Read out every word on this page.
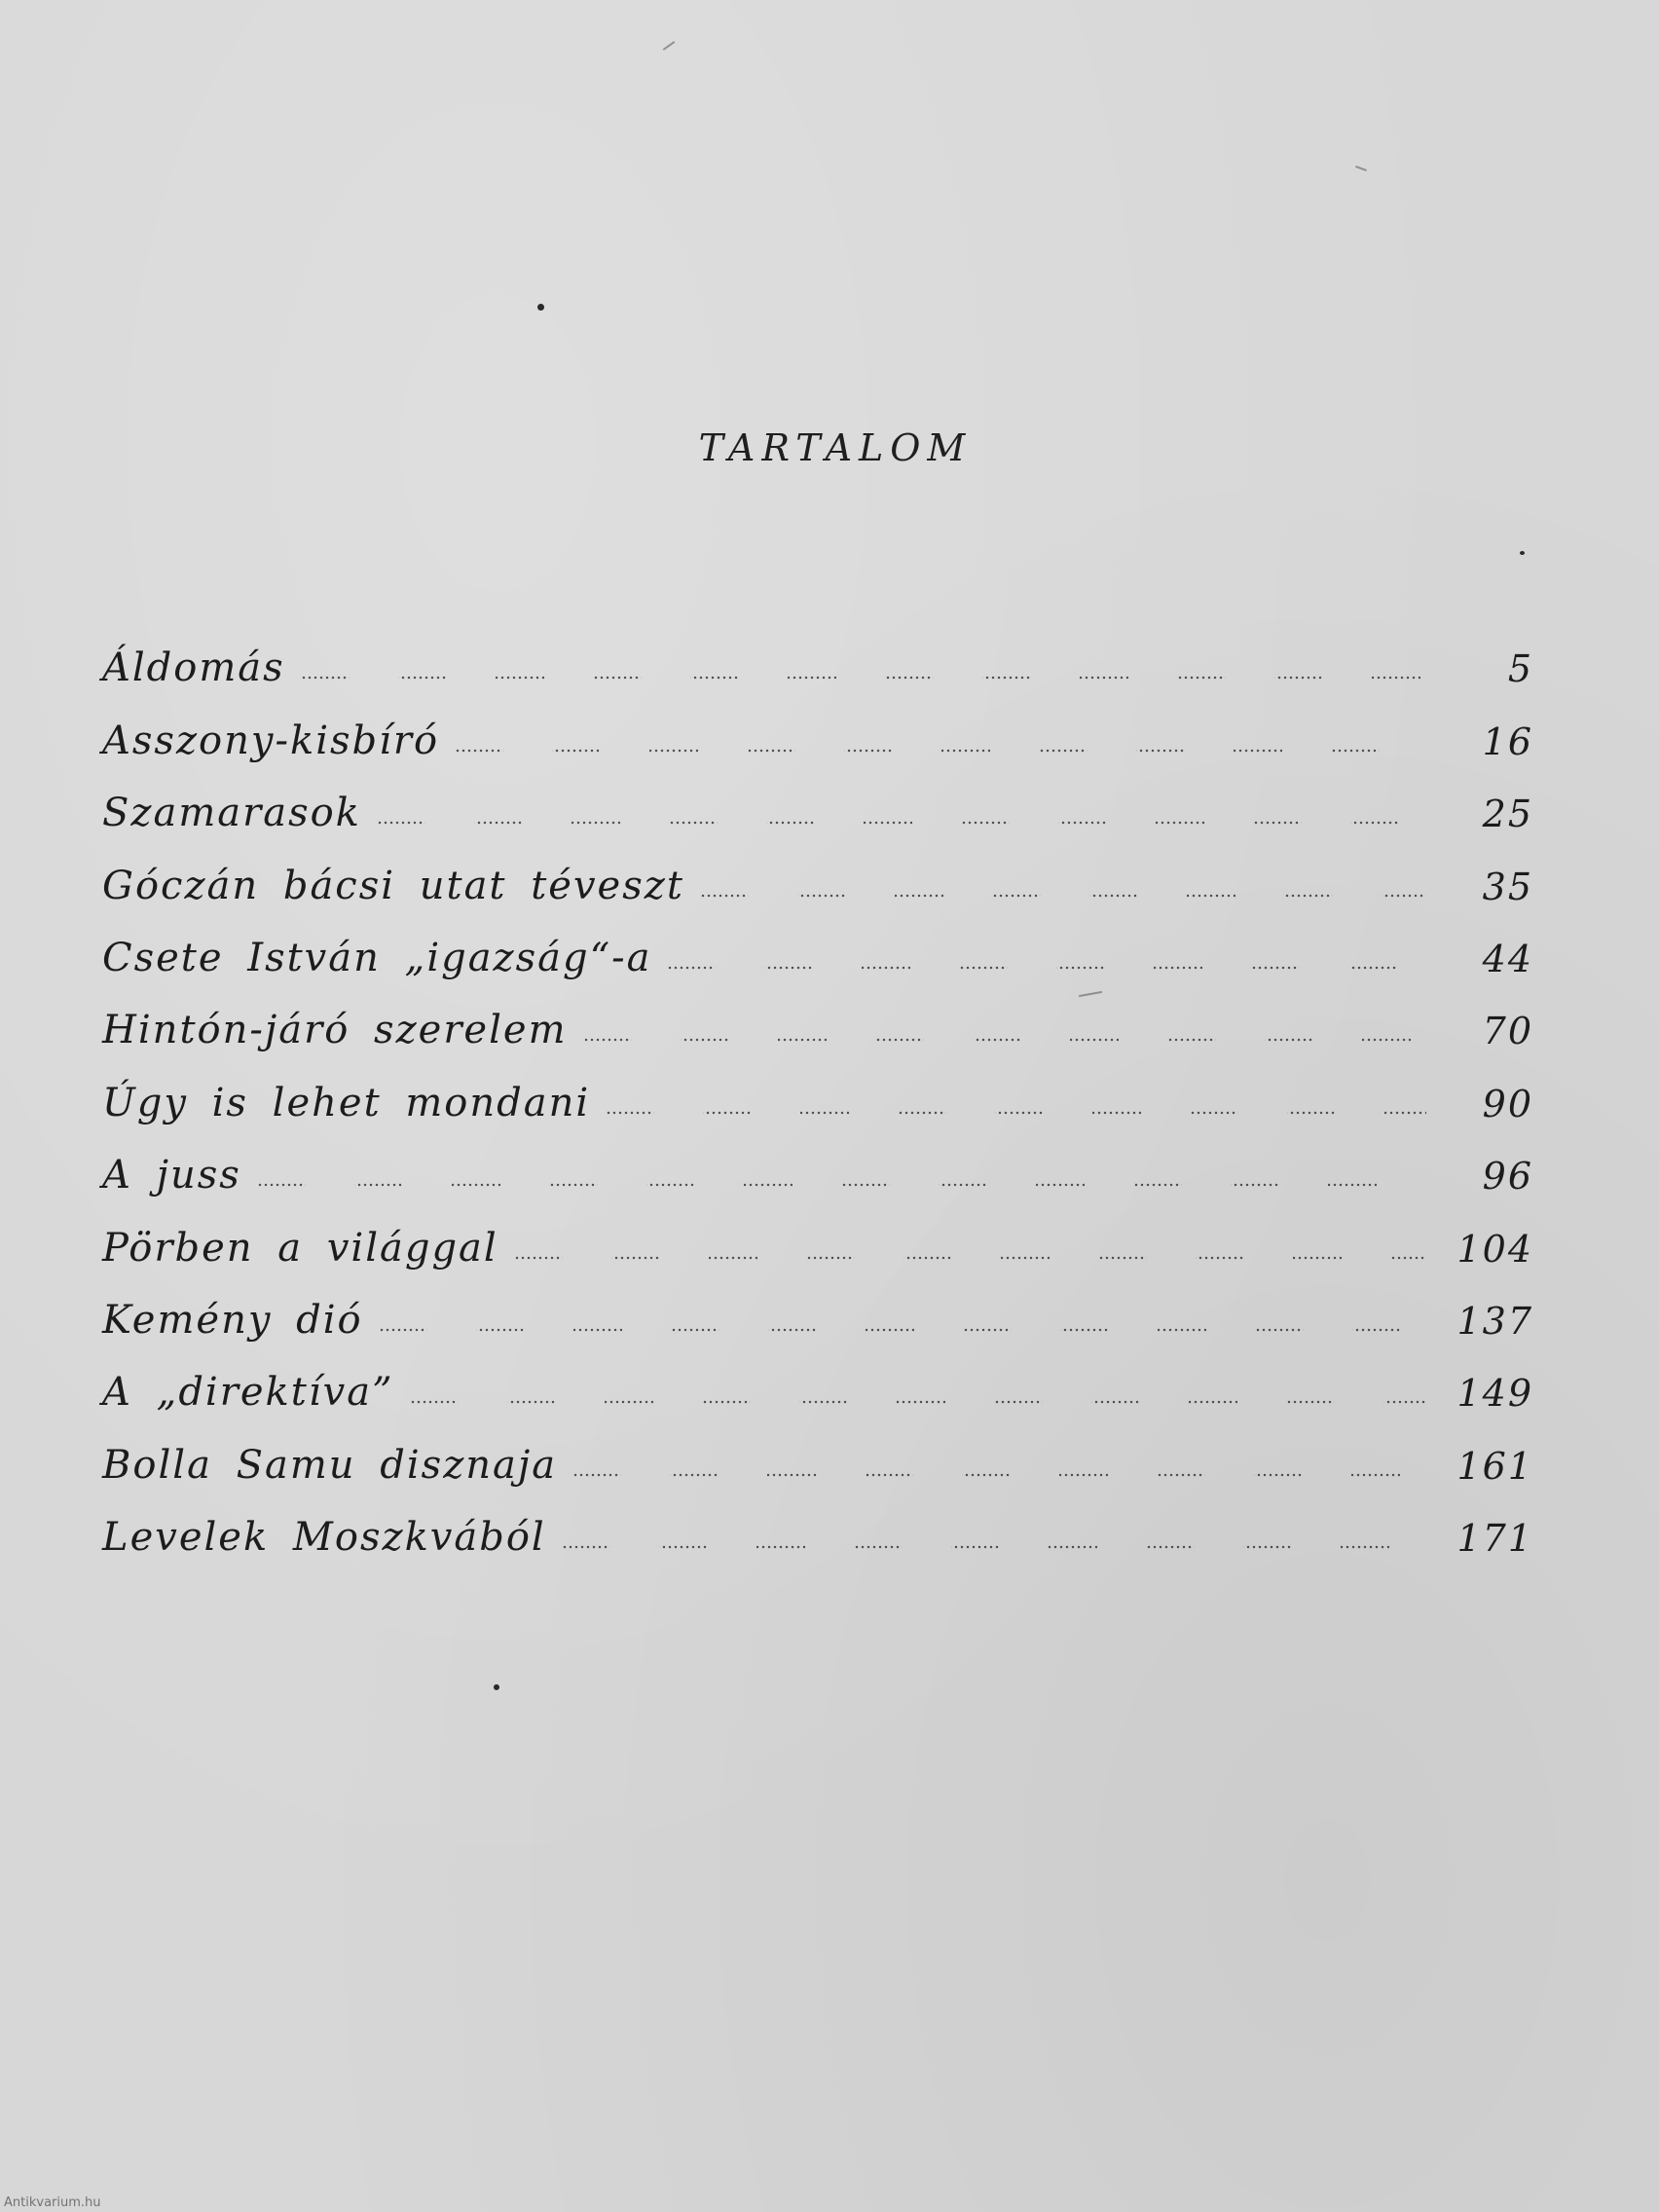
TARTALOM
Áldomás	5
Asszony-kisbíró	16
Szamarasok	25
Góczán bácsi utat téveszt	35
Csete István „igazság“-a	44
Hintón-járó szerelem	70
Úgy is lehet mondani	90
A juss	96
Pörben a világgal	104
Kemény dió	137
A „direktíva”	149
Bolla Samu disznaja	161
Levelek Moszkvából	171
Antikvarium.hu
